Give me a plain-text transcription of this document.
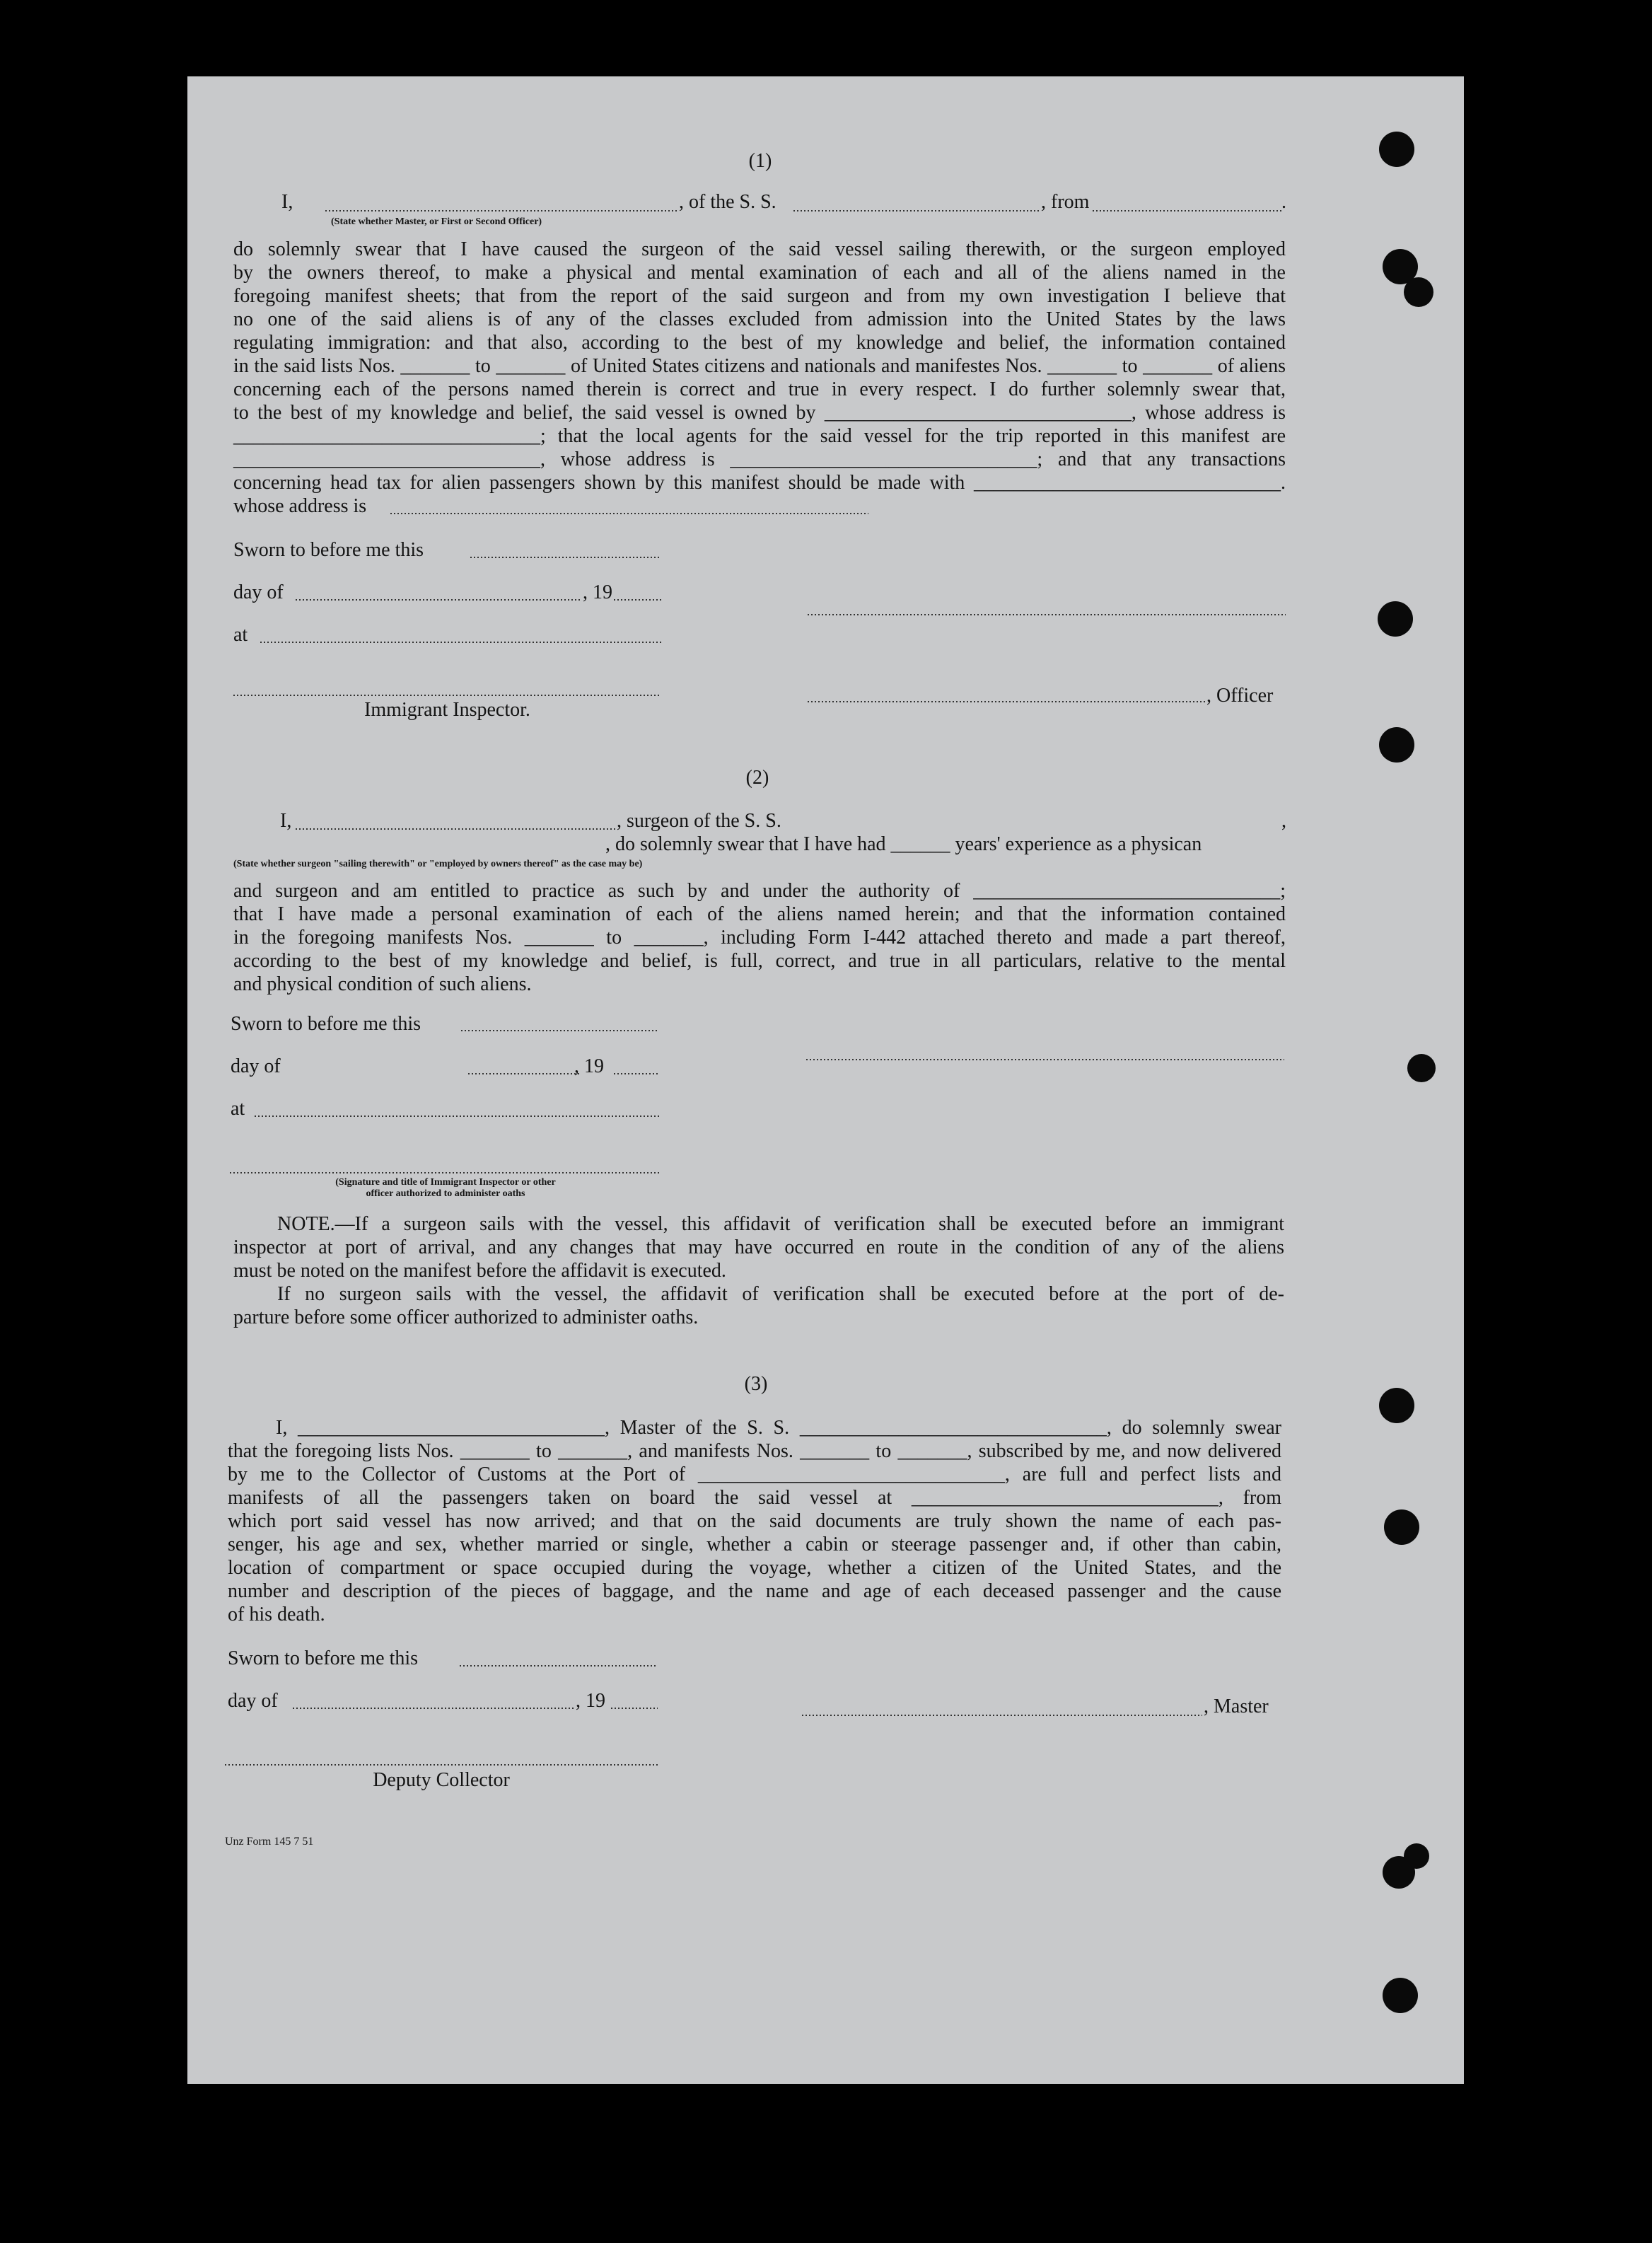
(1)
I,	, of the S. S.	, from	.
(State whether Master, or First or Second Officer)
do solemnly swear that I have caused the surgeon of the said vessel sailing therewith, or the surgeon employed
by the owners thereof, to make a physical and mental examination of each and all of the aliens named in the
foregoing manifest sheets; that from the report of the said surgeon and from my own investigation I believe that
no one of the said aliens is of any of the classes excluded from admission into the United States by the laws
regulating immigration: and that also, according to the best of my knowledge and belief, the information contained
in the said lists Nos. _______ to _______ of United States citizens and nationals and manifestes Nos. _______ to _______ of aliens
concerning each of the persons named therein is correct and true in every respect. I do further solemnly swear that,
to the best of my knowledge and belief, the said vessel is owned by _______________________________, whose address is
_______________________________; that the local agents for the said vessel for the trip reported in this manifest are
_______________________________, whose address is _______________________________; and that any transactions
concerning head tax for alien passengers shown by this manifest should be made with _______________________________.
whose address is
Sworn to before me this
day of	, 19
at
, Officer
Immigrant Inspector.
(2)
I,	, surgeon of the S. S.	,
, do solemnly swear that I have had ______ years' experience as a physican
(State whether surgeon "sailing therewith" or "employed by owners thereof" as the case may be)
and surgeon and am entitled to practice as such by and under the authority of _______________________________;
that I have made a personal examination of each of the aliens named herein; and that the information contained
in the foregoing manifests Nos. _______ to _______, including Form I-442 attached thereto and made a part thereof,
according to the best of my knowledge and belief, is full, correct, and true in all particulars, relative to the mental
and physical condition of such aliens.
Sworn to before me this
day of	, 19
at
(Signature and title of Immigrant Inspector or other
officer authorized to administer oaths
NOTE.—If a surgeon sails with the vessel, this affidavit of verification shall be executed before an immigrant
inspector at port of arrival, and any changes that may have occurred en route in the condition of any of the aliens
must be noted on the manifest before the affidavit is executed.
If no surgeon sails with the vessel, the affidavit of verification shall be executed before at the port of de-
parture before some officer authorized to administer oaths.
(3)
I, _______________________________, Master of the S. S. _______________________________, do solemnly swear
that the foregoing lists Nos. _______ to _______, and manifests Nos. _______ to _______, subscribed by me, and now delivered
by me to the Collector of Customs at the Port of _______________________________, are full and perfect lists and
manifests of all the passengers taken on board the said vessel at _______________________________, from
which port said vessel has now arrived; and that on the said documents are truly shown the name of each pas-
senger, his age and sex, whether married or single, whether a cabin or steerage passenger and, if other than cabin,
location of compartment or space occupied during the voyage, whether a citizen of the United States, and the
number and description of the pieces of baggage, and the name and age of each deceased passenger and the cause
of his death.
Sworn to before me this
day of	, 19	, Master
Deputy Collector
Unz Form 145 7 51
